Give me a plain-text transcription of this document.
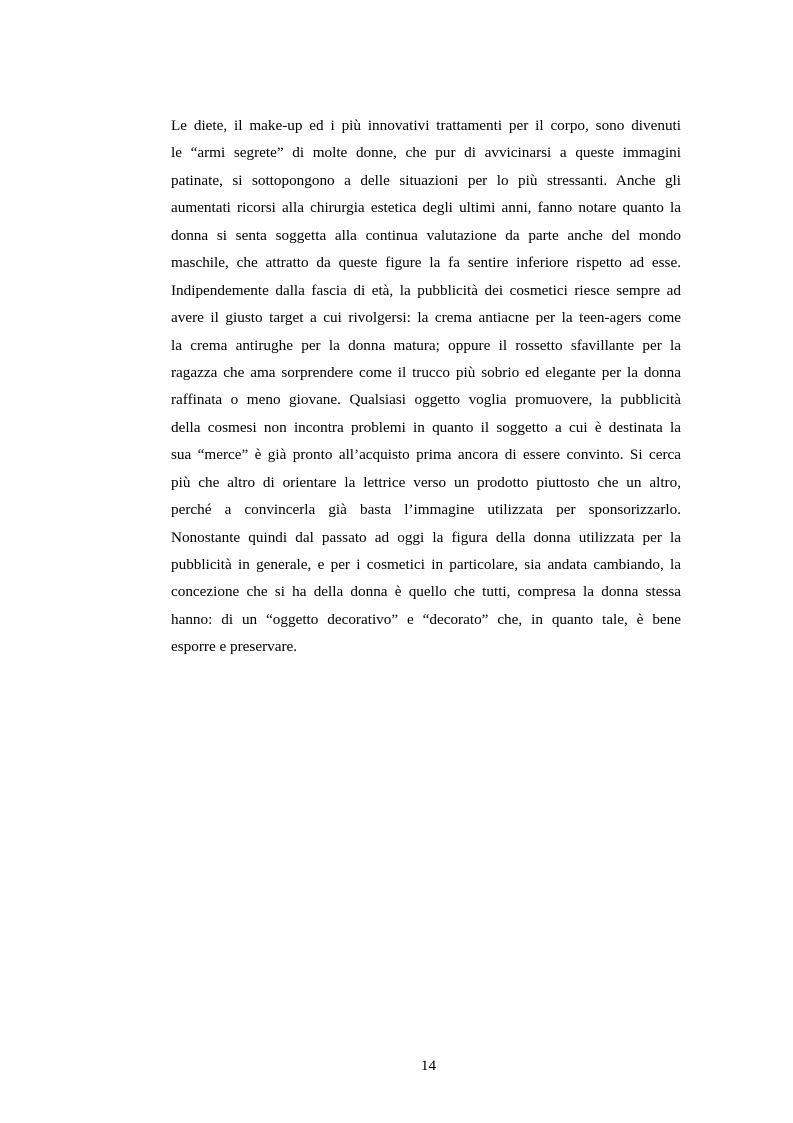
Le diete, il make-up ed i più innovativi trattamenti per il corpo, sono divenuti
le “armi segrete” di molte donne, che pur di avvicinarsi a queste immagini
patinate, si sottopongono a delle situazioni per lo più stressanti. Anche gli
aumentati ricorsi alla chirurgia estetica degli ultimi anni, fanno notare quanto la
donna si senta soggetta alla continua valutazione da parte anche del mondo
maschile, che attratto da queste figure la fa sentire inferiore rispetto ad esse.
Indipendemente dalla fascia di età, la pubblicità dei cosmetici riesce sempre ad
avere il giusto target a cui rivolgersi: la crema antiacne per la teen-agers come
la crema antirughe per la donna matura; oppure il rossetto sfavillante per la
ragazza che ama sorprendere come il trucco più sobrio ed elegante per la donna
raffinata o meno giovane. Qualsiasi oggetto voglia promuovere, la pubblicità
della cosmesi non incontra problemi in quanto il soggetto a cui è destinata la
sua “merce” è già pronto all’acquisto prima ancora di essere convinto. Si cerca
più che altro di orientare la lettrice verso un prodotto piuttosto che un altro,
perché a convincerla già basta l’immagine utilizzata per sponsorizzarlo.
Nonostante quindi dal passato ad oggi la figura della donna utilizzata per la
pubblicità in generale, e per i cosmetici in particolare, sia andata cambiando, la
concezione che si ha della donna è quello che tutti, compresa la donna stessa
hanno: di un “oggetto decorativo” e “decorato” che, in quanto tale, è bene
esporre e preservare.
14
